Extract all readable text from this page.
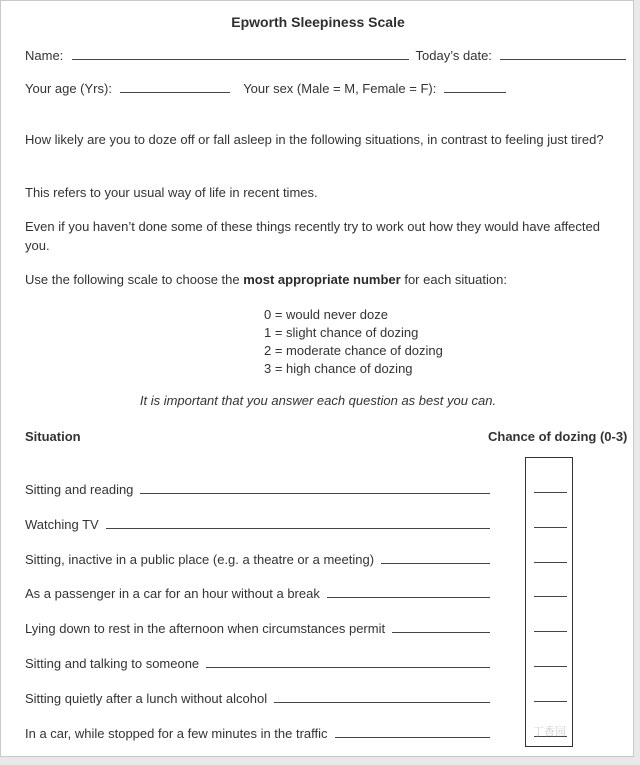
Epworth Sleepiness Scale
Name:	Today’s date:
Your age (Yrs):	Your sex (Male = M, Female = F):
How likely are you to doze off or fall asleep in the following situations, in contrast to feeling just tired?
This refers to your usual way of life in recent times.
Even if you haven’t done some of these things recently try to work out how they would have affected you.
Use the following scale to choose the most appropriate number for each situation:
0 = would never doze
1 = slight chance of dozing
2 = moderate chance of dozing
3 = high chance of dozing
It is important that you answer each question as best you can.
Situation	Chance of dozing (0-3)
Sitting and reading
Watching TV
Sitting, inactive in a public place (e.g. a theatre or a meeting)
As a passenger in a car for an hour without a break
Lying down to rest in the afternoon when circumstances permit
Sitting and talking to someone
Sitting quietly after a lunch without alcohol
In a car, while stopped for a few minutes in the traffic	丁香园
